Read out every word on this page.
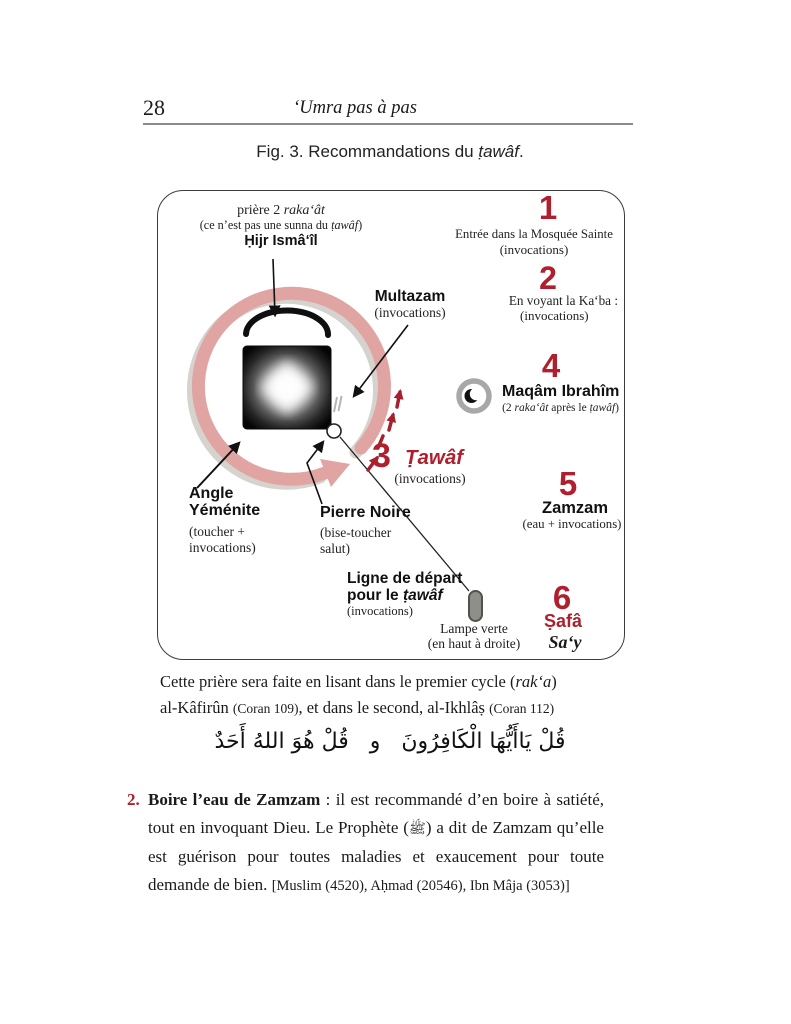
28	‘Umra pas à pas
Fig. 3. Recommandations du ṭawâf.
prière 2 raka‘ât
(ce n’est pas une sunna du ṭawâf)
Ḥijr Ismâ‘îl
Multazam
(invocations)
3 Ṭawâf
(invocations)
Angle
Yéménite
(toucher +
invocations)
Pierre Noire
(bise-toucher
salut)
Ligne de départ
pour le ṭawâf
(invocations)
Lampe verte
(en haut à droite)
1
Entrée dans la Mosquée Sainte
(invocations)
2
En voyant la Ka‘ba :
(invocations)
4
Maqâm Ibrahîm
(2 raka‘ât après le ṭawâf)
5
Zamzam
(eau + invocations)
6
Ṣafâ
Sa‘y
Cette prière sera faite en lisant dans le premier cycle (rak‘a)
al-Kâfirûn (Coran 109), et dans le second, al-Ikhlâṣ (Coran 112)
قُلْ يَاأَيُّهَا الْكَافِرُونَ   و   قُلْ هُوَ اللهُ أَحَدٌ
2. Boire l’eau de Zamzam : il est recommandé d’en boire à satiété, tout en invoquant Dieu. Le Prophète (ﷺ) a dit de Zamzam qu’elle est guérison pour toutes maladies et exaucement pour toute demande de bien. [Muslim (4520), Aḥmad (20546), Ibn Mâja (3053)]
